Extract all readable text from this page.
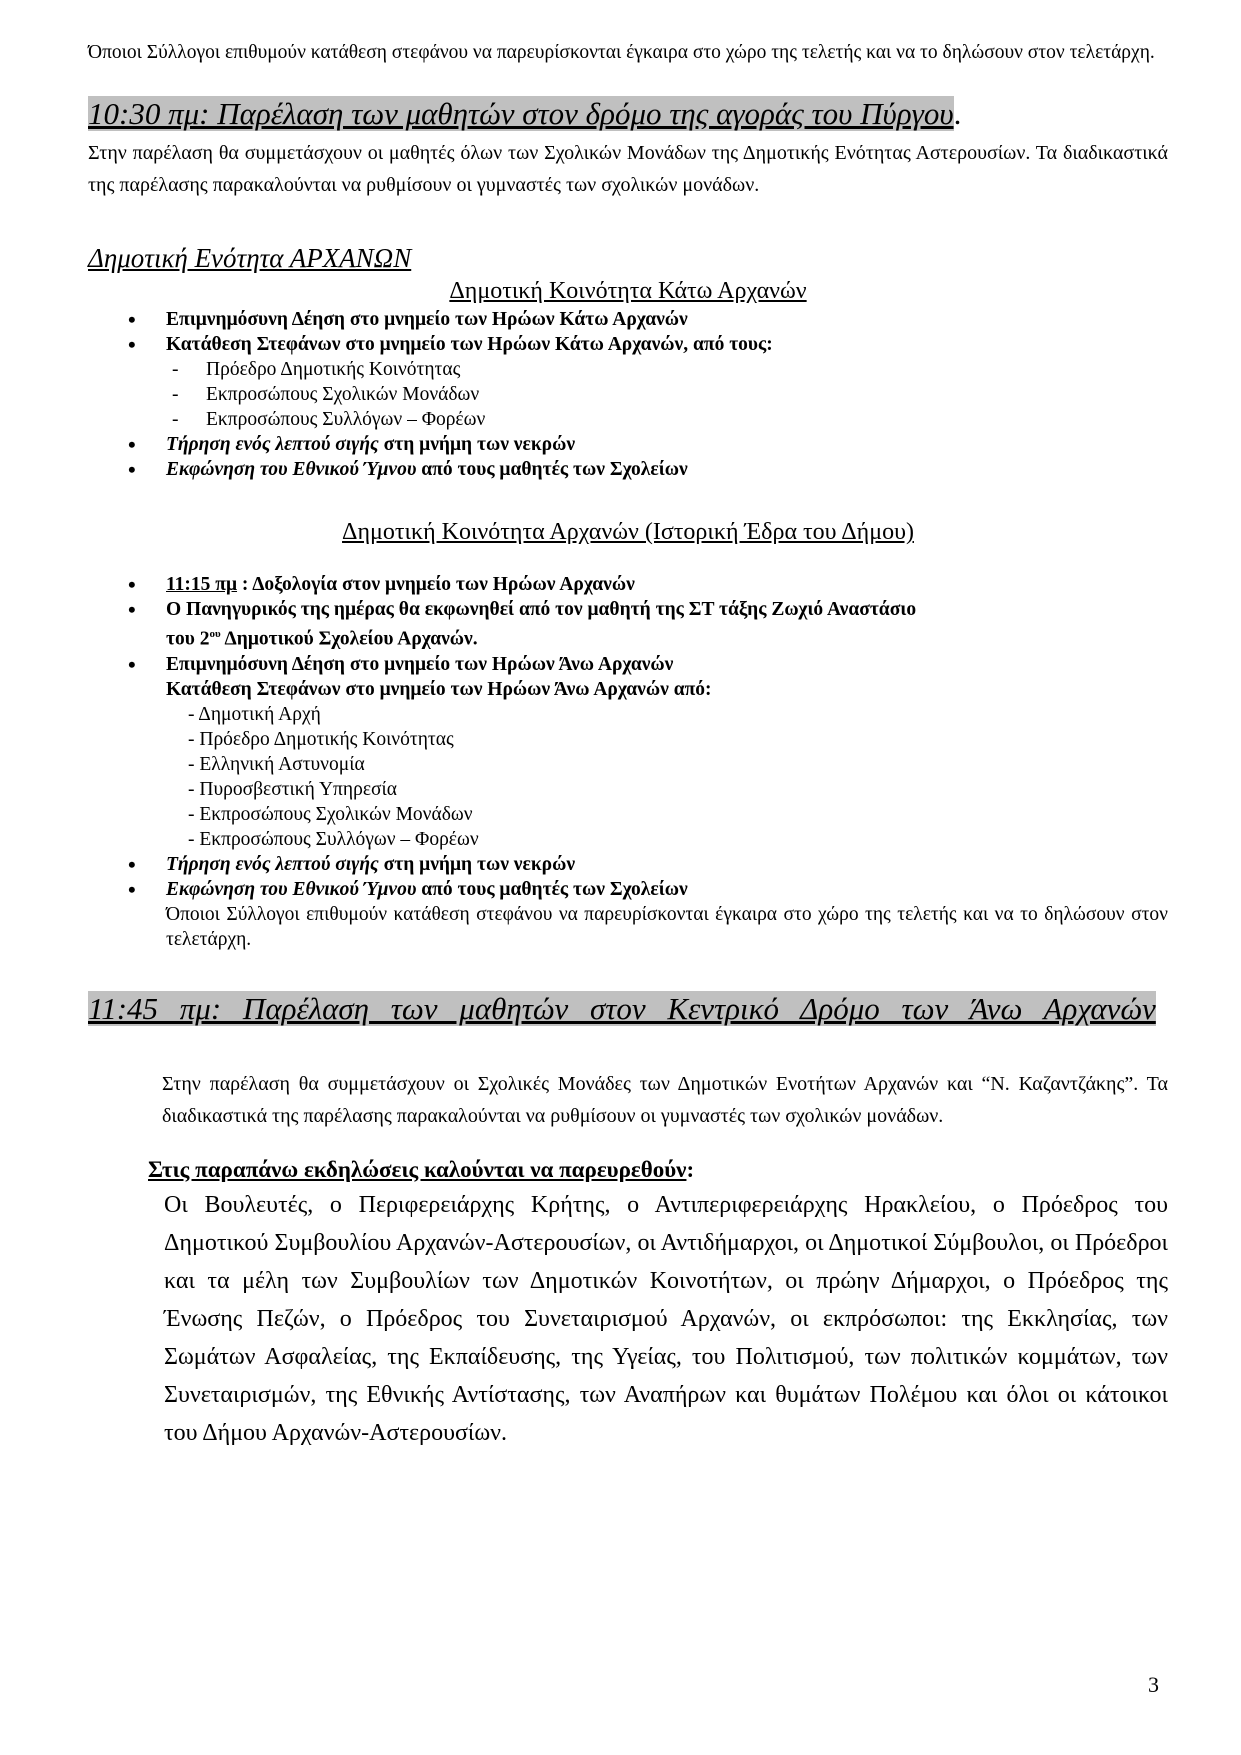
Όποιοι Σύλλογοι επιθυμούν κατάθεση στεφάνου να παρευρίσκονται έγκαιρα στο χώρο της τελετής και να το δηλώσουν στον τελετάρχη.

10:30 πμ: Παρέλαση των μαθητών στον δρόμο της αγοράς του Πύργου.

Στην παρέλαση θα συμμετάσχουν οι μαθητές όλων των Σχολικών Μονάδων της Δημοτικής Ενότητας Αστερουσίων. Τα διαδικαστικά της παρέλασης παρακαλούνται να ρυθμίσουν οι γυμναστές των σχολικών μονάδων.

Δημοτική Ενότητα ΑΡΧΑΝΩΝ
Δημοτική Κοινότητα Κάτω Αρχανών
• Επιμνημόσυνη Δέηση στο μνημείο των Ηρώων Κάτω Αρχανών
• Κατάθεση Στεφάνων στο μνημείο των Ηρώων Κάτω Αρχανών, από τους:
- Πρόεδρο Δημοτικής Κοινότητας
- Εκπροσώπους Σχολικών Μονάδων
- Εκπροσώπους Συλλόγων – Φορέων
• Τήρηση ενός λεπτού σιγής στη μνήμη των νεκρών
• Εκφώνηση του Εθνικού Ύμνου από τους μαθητές των Σχολείων
Δημοτική Κοινότητα Αρχανών (Ιστορική Έδρα του Δήμου)
• 11:15 πμ : Δοξολογία στον μνημείο των Ηρώων Αρχανών
• Ο Πανηγυρικός της ημέρας θα εκφωνηθεί από τον μαθητή της ΣΤ τάξης Ζωχιό Αναστάσιο
του $2^{o\upsilon}$ Δημοτικού Σχολείου Αρχανών.
• Επιμνημόσυνη Δέηση στο μνημείο των Ηρώων Άνω Αρχανών
Κατάθεση Στεφάνων στο μνημείο των Ηρώων Άνω Αρχανών από:
- Δημοτική Αρχή
- Πρόεδρο Δημοτικής Κοινότητας
- Ελληνική Αστυνομία
- Πυροσβεστική Υπηρεσία
- Εκπροσώπους Σχολικών Μονάδων
- Εκπροσώπους Συλλόγων – Φορέων
• Τήρηση ενός λεπτού σιγής στη μνήμη των νεκρών
• Εκφώνηση του Εθνικού Ύμνου από τους μαθητές των Σχολείων
Όποιοι Σύλλογοι επιθυμούν κατάθεση στεφάνου να παρευρίσκονται έγκαιρα στο χώρο της τελετής και να το δηλώσουν στον τελετάρχη.
11:45 πμ: Παρέλαση των μαθητών στον Κεντρικό Δρόμο των Άνω Αρχανών

Στην παρέλαση θα συμμετάσχουν οι Σχολικές Μονάδες των Δημοτικών Ενοτήτων Αρχανών και “Ν. Καζαντζάκης”. Τα διαδικαστικά της παρέλασης παρακαλούνται να ρυθμίσουν οι γυμναστές των σχολικών μονάδων.

Στις παραπάνω εκδηλώσεις καλούνται να παρευρεθούν:

Οι Βουλευτές, ο Περιφερειάρχης Κρήτης, ο Αντιπεριφερειάρχης Ηρακλείου, ο Πρόεδρος του Δημοτικού Συμβουλίου Αρχανών-Αστερουσίων, οι Αντιδήμαρχοι, οι Δημοτικοί Σύμβουλοι, οι Πρόεδροι και τα μέλη των Συμβουλίων των Δημοτικών Κοινοτήτων, οι πρώην Δήμαρχοι, ο Πρόεδρος της Ένωσης Πεζών, ο Πρόεδρος του Συνεταιρισμού Αρχανών, οι εκπρόσωποι: της Εκκλησίας, των Σωμάτων Ασφαλείας, της Εκπαίδευσης, της Υγείας, του Πολιτισμού, των πολιτικών κομμάτων, των Συνεταιρισμών, της Εθνικής Αντίστασης, των Αναπήρων και θυμάτων Πολέμου και όλοι οι κάτοικοι του Δήμου Αρχανών-Αστερουσίων.

3
